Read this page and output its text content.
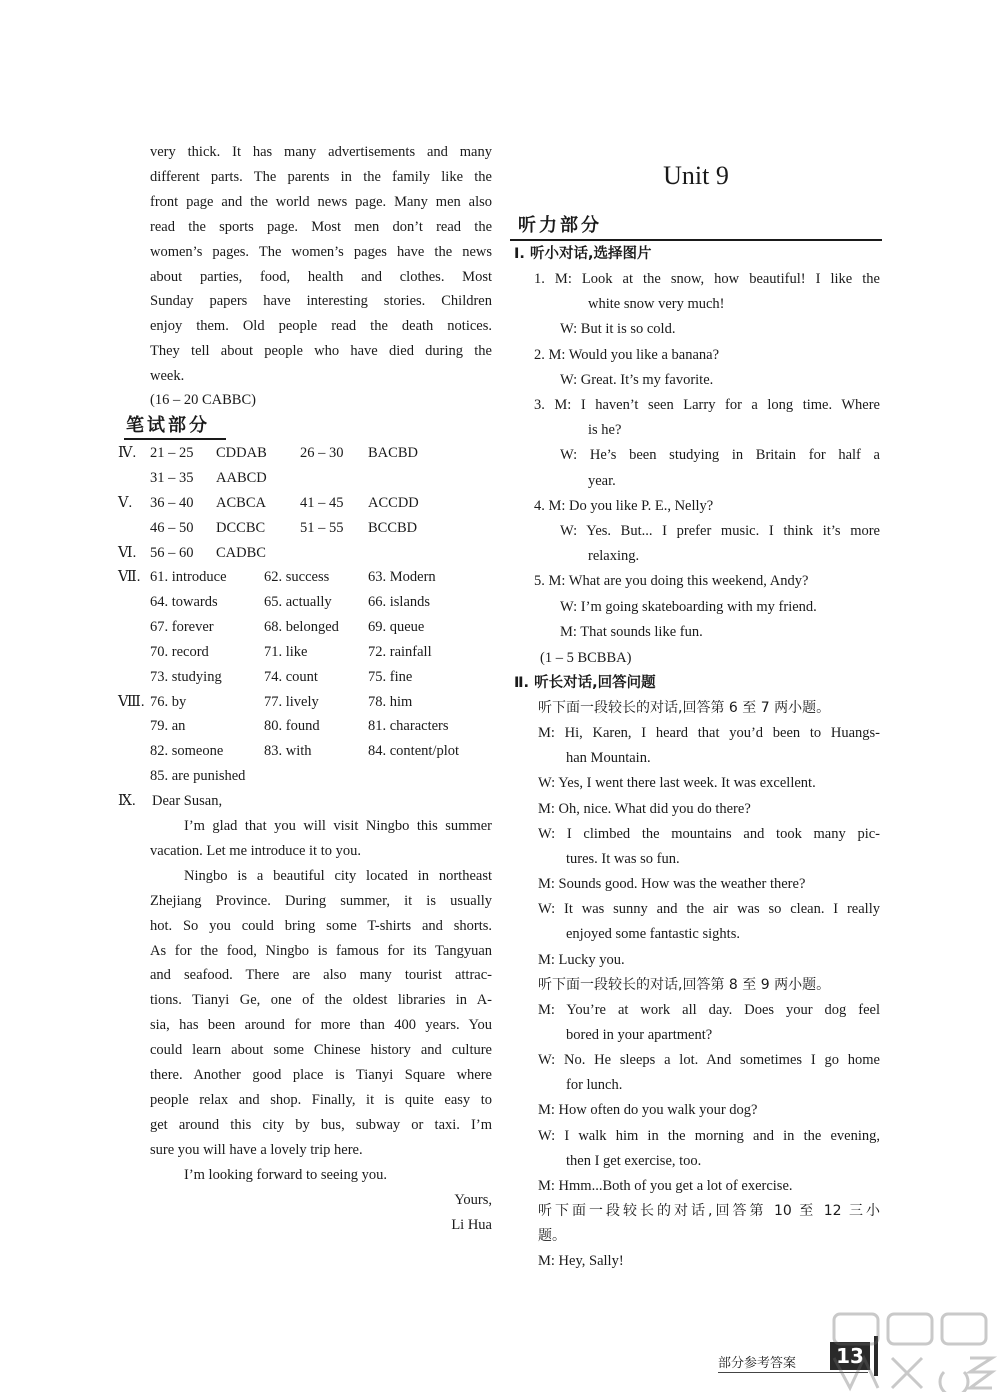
very thick. It has many advertisements and many
different parts. The parents in the family like the
front page and the world news page. Many men also
read the sports page. Most men don’t read the
women’s pages. The women’s pages have the news
about parties, food, health and clothes. Most
Sunday papers have interesting stories. Children
enjoy them. Old people read the death notices.
They tell about people who have died during the
week.
(16 – 20 CABBC)
笔试部分
Ⅳ. 21 – 25 CDDAB 26 – 30 BACBD
31 – 35 AABCD
Ⅴ. 36 – 40 ACBCA 41 – 45 ACCDD
46 – 50 DCCBC 51 – 55 BCCBD
Ⅵ. 56 – 60 CADBC
Ⅶ. 61. introduce	62. success	63. Modern
64. towards	65. actually	66. islands
67. forever	68. belonged 69. queue
70. record	71. like	72. rainfall
73. studying	74. count	75. fine
Ⅷ. 76. by	77. lively	78. him
79. an	80. found	81. characters
82. someone	83. with	84. content/plot
85. are punished
Ⅸ. Dear Susan,
I’m glad that you will visit Ningbo this summer
vacation. Let me introduce it to you.
Ningbo is a beautiful city located in northeast
Zhejiang Province. During summer, it is usually
hot. So you could bring some T-shirts and shorts.
As for the food, Ningbo is famous for its Tangyuan
and seafood. There are also many tourist attrac-
tions. Tianyi Ge, one of the oldest libraries in A-
sia, has been around for more than 400 years. You
could learn about some Chinese history and culture
there. Another good place is Tianyi Square where
people relax and shop. Finally, it is quite easy to
get around this city by bus, subway or taxi. I’m
sure you will have a lovely trip here.
I’m looking forward to seeing you.
Yours,
Li Hua
Unit 9
听力部分
Ⅰ. 听小对话,选择图片
1. M: Look at the snow, how beautiful! I like the
white snow very much!
W: But it is so cold.
2. M: Would you like a banana?
W: Great. It’s my favorite.
3. M: I haven’t seen Larry for a long time. Where
is he?
W: He’s been studying in Britain for half a
year.
4. M: Do you like P. E., Nelly?
W: Yes. But... I prefer music. I think it’s more
relaxing.
5. M: What are you doing this weekend, Andy?
W: I’m going skateboarding with my friend.
M: That sounds like fun.
(1 – 5 BCBBA)
Ⅱ. 听长对话,回答问题
听下面一段较长的对话,回答第 6 至 7 两小题。
M: Hi, Karen, I heard that you’d been to Huangs-
han Mountain.
W: Yes, I went there last week. It was excellent.
M: Oh, nice. What did you do there?
W: I climbed the mountains and took many pic-
tures. It was so fun.
M: Sounds good. How was the weather there?
W: It was sunny and the air was so clean. I really
enjoyed some fantastic sights.
M: Lucky you.
听下面一段较长的对话,回答第 8 至 9 两小题。
M: You’re at work all day. Does your dog feel
bored in your apartment?
W: No. He sleeps a lot. And sometimes I go home
for lunch.
M: How often do you walk your dog?
W: I walk him in the morning and in the evening,
then I get exercise, too.
M: Hmm...Both of you get a lot of exercise.
听下面一段较长的对话,回答第 10 至 12 三小
题。
M: Hey, Sally!
部分参考答案	13
